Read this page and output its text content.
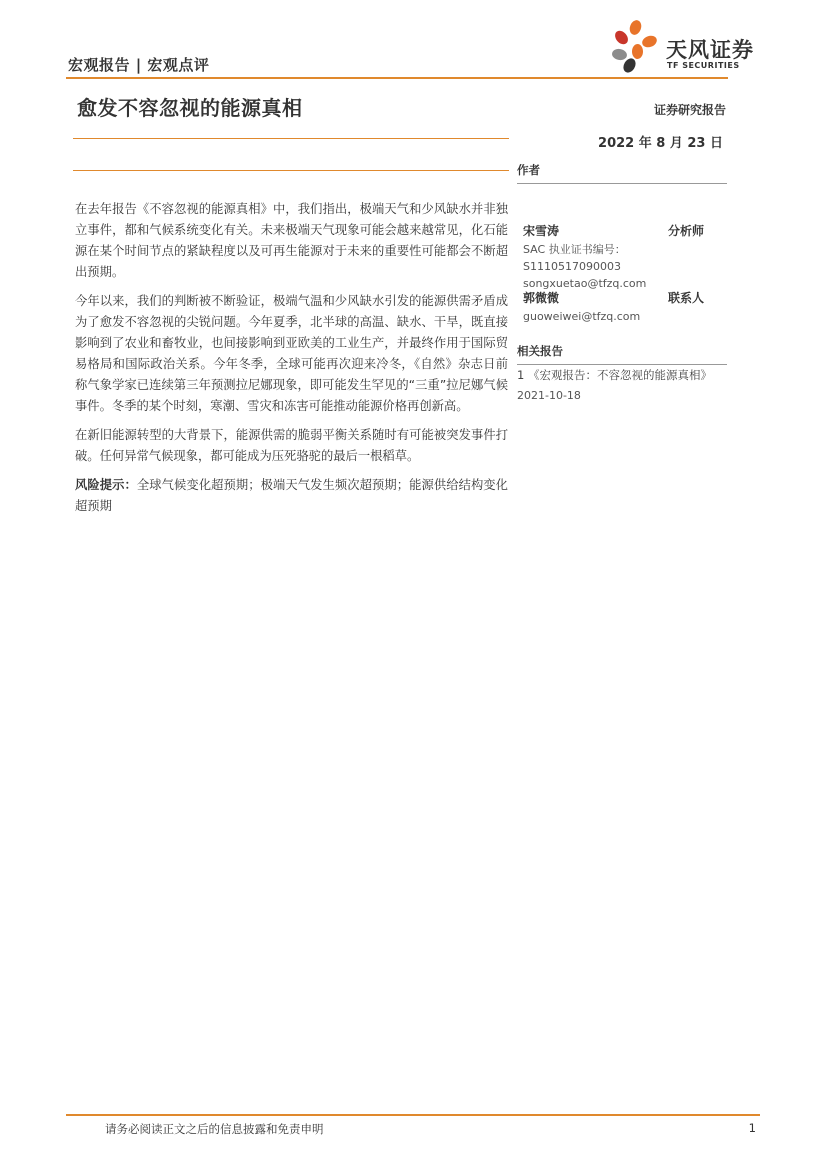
宏观报告 | 宏观点评
天风证券
TF SECURITIES
愈发不容忽视的能源真相	证券研究报告
2022 年 8 月 23 日

在去年报告《不容忽视的能源真相》中，我们指出，极端天气和少风缺水并非独立事件，都和气候系统变化有关。未来极端天气现象可能会越来越常见，化石能源在某个时间节点的紧缺程度以及可再生能源对于未来的重要性可能都会不断超出预期。

今年以来，我们的判断被不断验证，极端气温和少风缺水引发的能源供需矛盾成为了愈发不容忽视的尖锐问题。今年夏季，北半球的高温、缺水、干旱，既直接影响到了农业和畜牧业，也间接影响到亚欧美的工业生产，并最终作用于国际贸易格局和国际政治关系。今年冬季，全球可能再次迎来冷冬，《自然》杂志日前称气象学家已连续第三年预测拉尼娜现象，即可能发生罕见的“三重”拉尼娜气候事件。冬季的某个时刻，寒潮、雪灾和冻害可能推动能源价格再创新高。

在新旧能源转型的大背景下，能源供需的脆弱平衡关系随时有可能被突发事件打破。任何异常气候现象，都可能成为压死骆驼的最后一根稻草。

风险提示：全球气候变化超预期；极端天气发生频次超预期；能源供给结构变化超预期

作者
宋雪涛	分析师
SAC 执业证书编号：
S1110517090003
songxuetao@tfzq.com
郭微微	联系人
guoweiwei@tfzq.com
相关报告
1 《宏观报告：不容忽视的能源真相》
2021-10-18
请务必阅读正文之后的信息披露和免责申明	1
